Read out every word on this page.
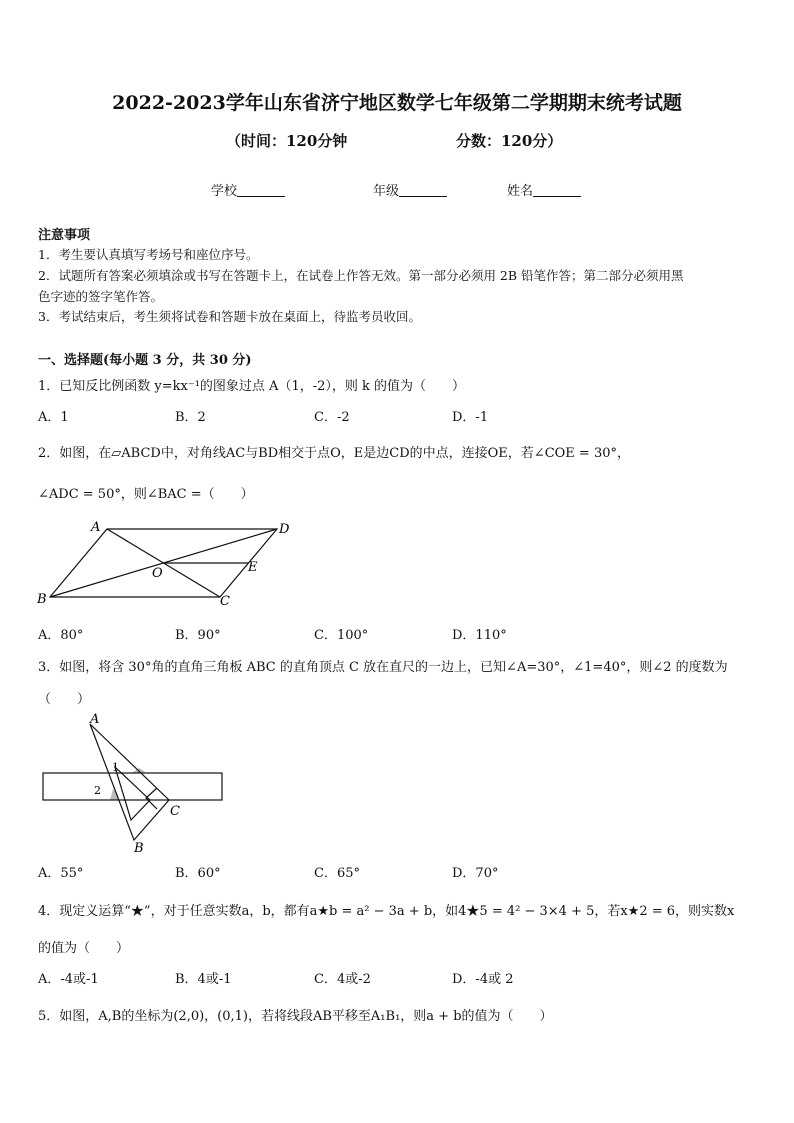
2022-2023学年山东省济宁地区数学七年级第二学期期末统考试题
（时间：120分钟	分数：120分）
学校	年级	姓名
注意事项
1．考生要认真填写考场号和座位序号。
2．试题所有答案必须填涂或书写在答题卡上，在试卷上作答无效。第一部分必须用 2B 铅笔作答；第二部分必须用黑
色字迹的签字笔作答。
3．考试结束后，考生须将试卷和答题卡放在桌面上，待监考员收回。
一、选择题(每小题 3 分，共 30 分)
1．已知反比例函数 y=kx⁻¹的图象过点 A（1，-2），则 k 的值为（　　）
A．1	B．2	C．-2	D．-1
2．如图，在▱ABCD中，对角线AC与BD相交于点O，E是边CD的中点，连接OE，若∠COE = 30°，
∠ADC = 50°，则∠BAC =（　　）
A	D
O	E
B	C
A．80°	B．90°	C．100°	D．110°
3．如图，将含 30°角的直角三角板 ABC 的直角顶点 C 放在直尺的一边上，已知∠A=30°，∠1=40°，则∠2 的度数为
（　　）
A
1
2
C
B
A．55°	B．60°	C．65°	D．70°
4．现定义运算“★”，对于任意实数a，b，都有a★b = a² − 3a + b，如4★5 = 4² − 3×4 + 5，若x★2 = 6，则实数x
的值为（　　）
A．-4或-1	B．4或-1	C．4或-2	D．-4或 2
5．如图，A,B的坐标为(2,0)，(0,1)，若将线段AB平移至A₁B₁，则a + b的值为（　　）
